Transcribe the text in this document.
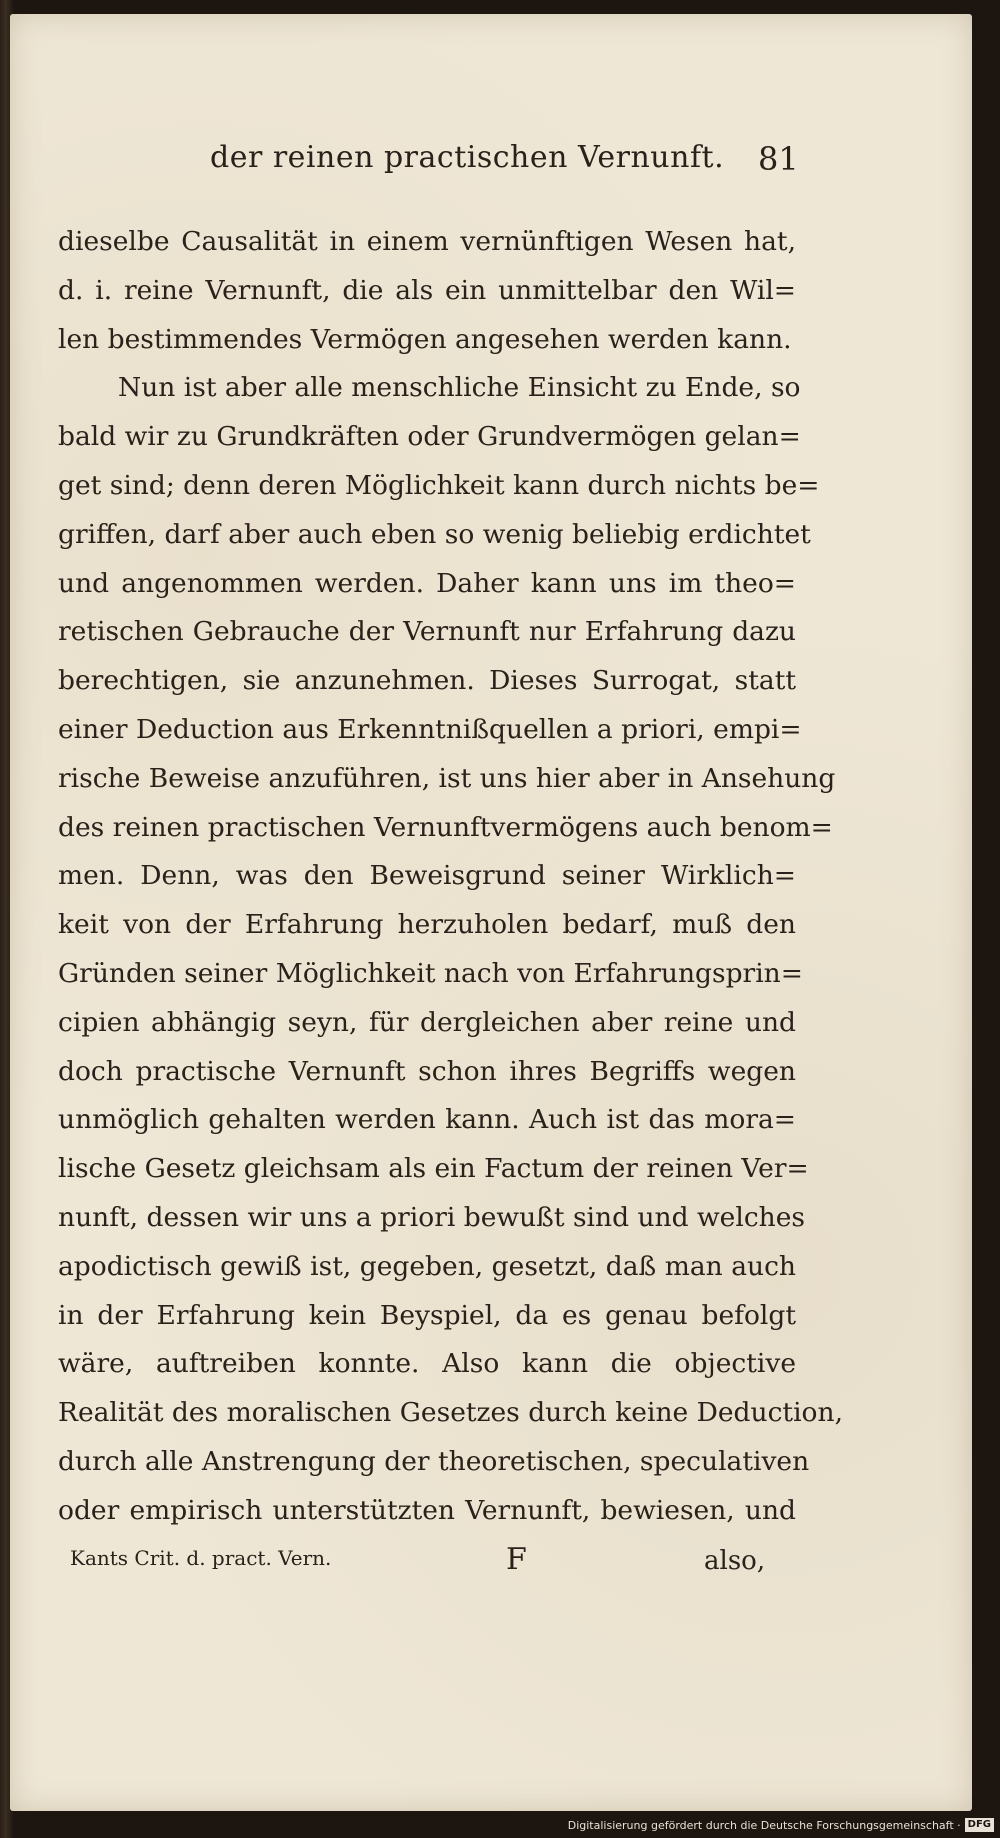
der reinen practischen Vernunft. 81
dieselbe Causalität in einem vernünftigen Wesen hat,
d. i. reine Vernunft, die als ein unmittelbar den Wil=
len bestimmendes Vermögen angesehen werden kann.
Nun ist aber alle menschliche Einsicht zu Ende, so
bald wir zu Grundkräften oder Grundvermögen gelan=
get sind; denn deren Möglichkeit kann durch nichts be=
griffen, darf aber auch eben so wenig beliebig erdichtet
und angenommen werden. Daher kann uns im theo=
retischen Gebrauche der Vernunft nur Erfahrung dazu
berechtigen, sie anzunehmen. Dieses Surrogat, statt
einer Deduction aus Erkenntnißquellen a priori, empi=
rische Beweise anzuführen, ist uns hier aber in Ansehung
des reinen practischen Vernunftvermögens auch benom=
men. Denn, was den Beweisgrund seiner Wirklich=
keit von der Erfahrung herzuholen bedarf, muß den
Gründen seiner Möglichkeit nach von Erfahrungsprin=
cipien abhängig seyn, für dergleichen aber reine und
doch practische Vernunft schon ihres Begriffs wegen
unmöglich gehalten werden kann. Auch ist das mora=
lische Gesetz gleichsam als ein Factum der reinen Ver=
nunft, dessen wir uns a priori bewußt sind und welches
apodictisch gewiß ist, gegeben, gesetzt, daß man auch
in der Erfahrung kein Beyspiel, da es genau befolgt
wäre, auftreiben konnte. Also kann die objective
Realität des moralischen Gesetzes durch keine Deduction,
durch alle Anstrengung der theoretischen, speculativen
oder empirisch unterstützten Vernunft, bewiesen, und
Kants Crit. d. pract. Vern.	F	also,
Digitalisierung gefördert durch die Deutsche Forschungsgemeinschaft · DFG
